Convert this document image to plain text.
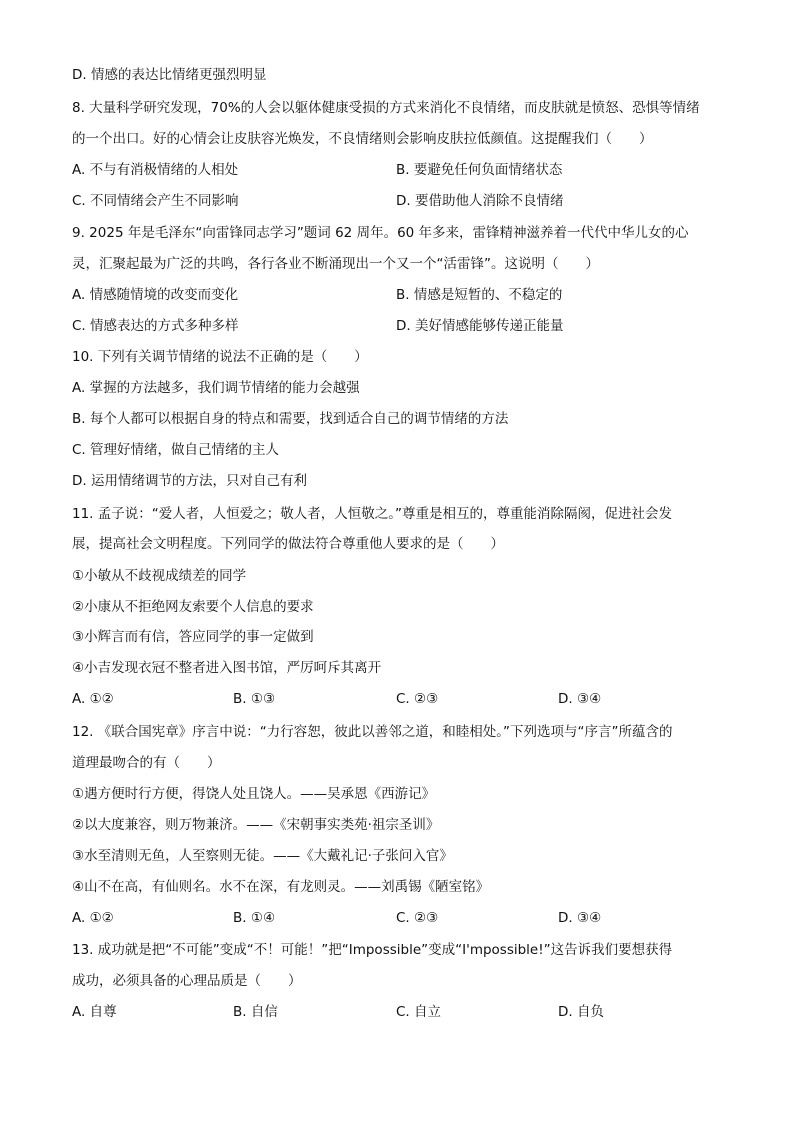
D. 情感的表达比情绪更强烈明显
8. 大量科学研究发现，70%的人会以躯体健康受损的方式来消化不良情绪，而皮肤就是愤怒、恐惧等情绪
的一个出口。好的心情会让皮肤容光焕发，不良情绪则会影响皮肤拉低颜值。这提醒我们（　　）
A. 不与有消极情绪的人相处	B. 要避免任何负面情绪状态
C. 不同情绪会产生不同影响	D. 要借助他人消除不良情绪
9. 2025 年是毛泽东“向雷锋同志学习”题词 62 周年。60 年多来，雷锋精神滋养着一代代中华儿女的心
灵，汇聚起最为广泛的共鸣，各行各业不断涌现出一个又一个“活雷锋”。这说明（　　）
A. 情感随情境的改变而变化	B. 情感是短暂的、不稳定的
C. 情感表达的方式多种多样	D. 美好情感能够传递正能量
10. 下列有关调节情绪的说法不正确的是（　　）
A. 掌握的方法越多，我们调节情绪的能力会越强
B. 每个人都可以根据自身的特点和需要，找到适合自己的调节情绪的方法
C. 管理好情绪，做自己情绪的主人
D. 运用情绪调节的方法，只对自己有利
11. 孟子说：“爱人者，人恒爱之；敬人者，人恒敬之。”尊重是相互的，尊重能消除隔阂，促进社会发
展，提高社会文明程度。下列同学的做法符合尊重他人要求的是（　　）
①小敏从不歧视成绩差的同学
②小康从不拒绝网友索要个人信息的要求
③小辉言而有信，答应同学的事一定做到
④小吉发现衣冠不整者进入图书馆，严厉呵斥其离开
A. ①②	B. ①③	C. ②③	D. ③④
12. 《联合国宪章》序言中说：“力行容恕，彼此以善邻之道，和睦相处。”下列选项与“序言”所蕴含的
道理最吻合的有（　　）
①遇方便时行方便，得饶人处且饶人。——吴承恩《西游记》
②以大度兼容，则万物兼济。——《宋朝事实类苑·祖宗圣训》
③水至清则无鱼，人至察则无徒。——《大戴礼记·子张问入官》
④山不在高，有仙则名。水不在深，有龙则灵。——刘禹锡《陋室铭》
A. ①②	B. ①④	C. ②③	D. ③④
13. 成功就是把“不可能”变成“不！可能！”把“Impossible”变成“I'mpossible!”这告诉我们要想获得
成功，必须具备的心理品质是（　　）
A. 自尊	B. 自信	C. 自立	D. 自负
